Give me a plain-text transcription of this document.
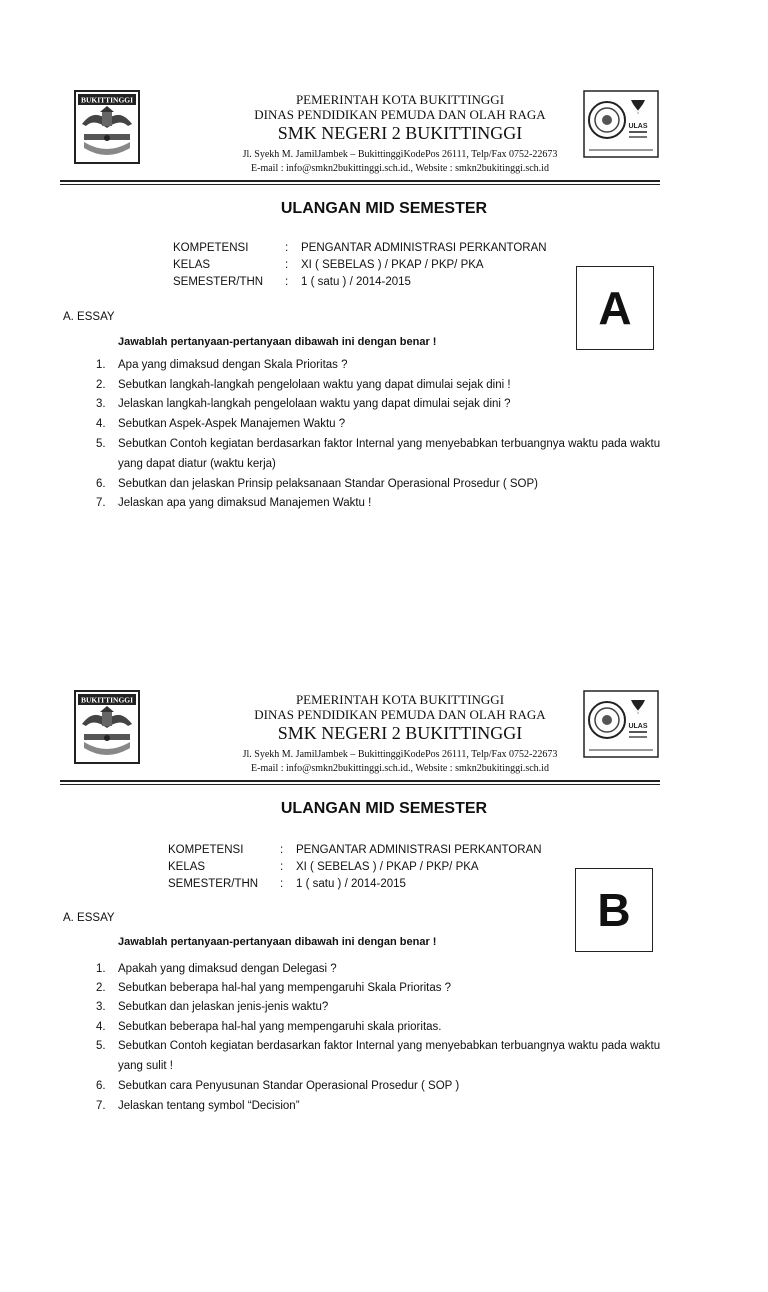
BUKITTINGGI
ULAS
PEMERINTAH KOTA BUKITTINGGI
DINAS PENDIDIKAN PEMUDA DAN OLAH RAGA
SMK NEGERI 2 BUKITTINGGI
Jl. Syekh M. JamilJambek – BukittinggiKodePos 26111, Telp/Fax 0752-22673
E-mail : info@smkn2bukittinggi.sch.id., Website : smkn2bukitinggi.sch.id
ULANGAN MID SEMESTER
KOMPETENSI	: PENGANTAR ADMINISTRASI PERKANTORAN
KELAS	: XI ( SEBELAS ) / PKAP / PKP/ PKA
SEMESTER/THN : 1 ( satu ) / 2014-2015	A
A. ESSAY
Jawablah pertanyaan-pertanyaan dibawah ini dengan benar !
1.	Apa yang dimaksud dengan Skala Prioritas ?
2.	Sebutkan langkah-langkah pengelolaan waktu yang dapat dimulai sejak dini !
3.	Jelaskan langkah-langkah pengelolaan waktu yang dapat dimulai sejak dini ?
4.	Sebutkan Aspek-Aspek Manajemen Waktu ?
5.	Sebutkan Contoh kegiatan berdasarkan faktor Internal yang menyebabkan terbuangnya waktu pada waktu yang dapat diatur (waktu kerja)
6.	Sebutkan dan jelaskan Prinsip pelaksanaan Standar Operasional Prosedur ( SOP)
7.	Jelaskan apa yang dimaksud Manajemen Waktu !
BUKITTINGGI
ULAS
PEMERINTAH KOTA BUKITTINGGI
DINAS PENDIDIKAN PEMUDA DAN OLAH RAGA
SMK NEGERI 2 BUKITTINGGI
Jl. Syekh M. JamilJambek – BukittinggiKodePos 26111, Telp/Fax 0752-22673
E-mail : info@smkn2bukittinggi.sch.id., Website : smkn2bukitinggi.sch.id
ULANGAN MID SEMESTER
KOMPETENSI	: PENGANTAR ADMINISTRASI PERKANTORAN
KELAS	: XI ( SEBELAS ) / PKAP / PKP/ PKA
SEMESTER/THN : 1 ( satu ) / 2014-2015	B
A. ESSAY
Jawablah pertanyaan-pertanyaan dibawah ini dengan benar !
1.	Apakah yang dimaksud dengan Delegasi ?
2.	Sebutkan beberapa hal-hal yang mempengaruhi Skala Prioritas ?
3.	Sebutkan dan jelaskan jenis-jenis waktu?
4.	Sebutkan beberapa hal-hal yang mempengaruhi skala prioritas.
5.	Sebutkan Contoh kegiatan berdasarkan faktor Internal yang menyebabkan terbuangnya waktu pada waktu yang sulit !
6.	Sebutkan cara Penyusunan Standar Operasional Prosedur ( SOP )
7.	Jelaskan tentang symbol “Decision”
